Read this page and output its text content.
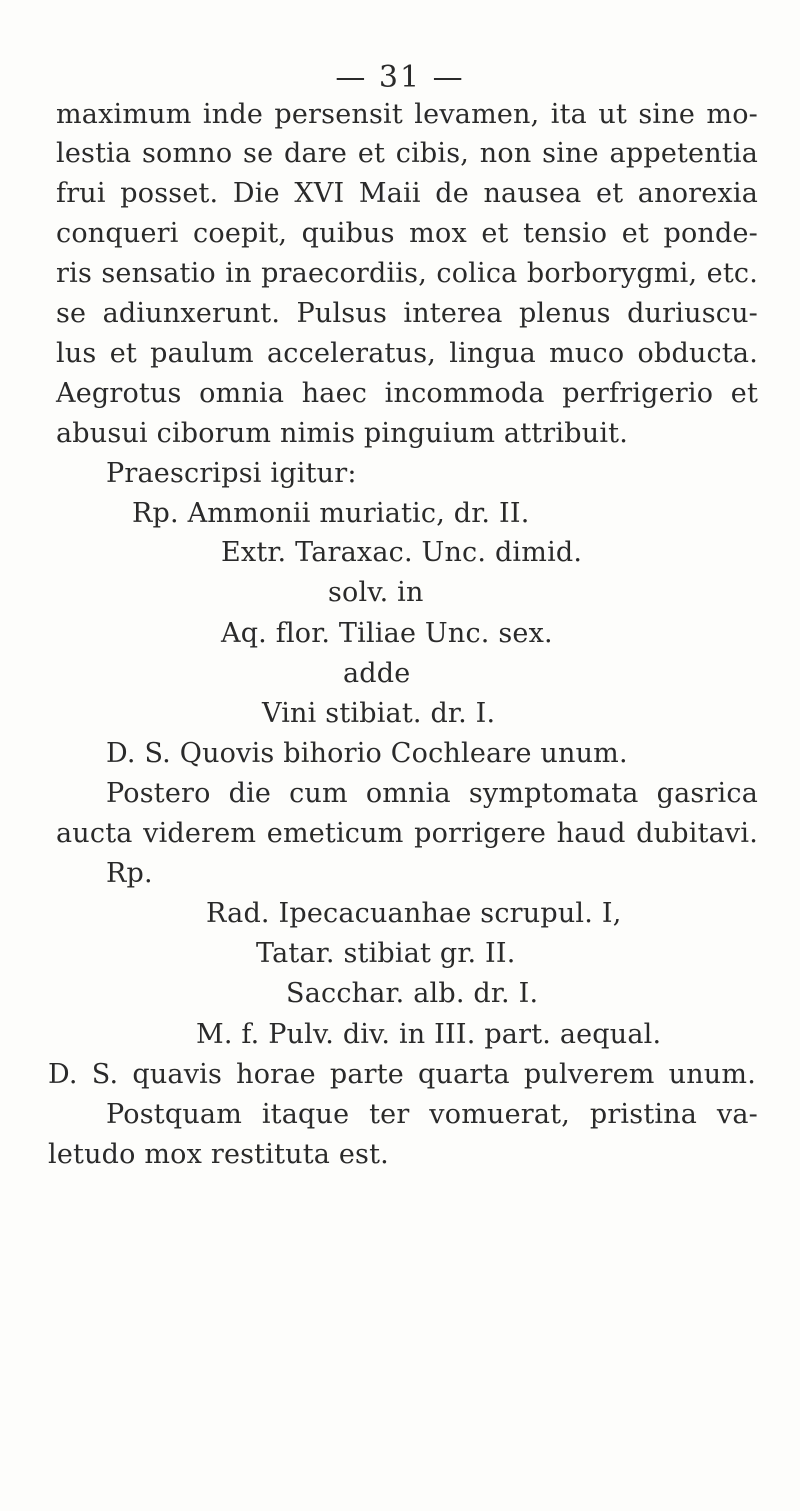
— 31 —
maximum inde persensit levamen, ita ut sine mo-
lestia somno se dare et cibis, non sine appetentia
frui posset. Die XVI Maii de nausea et anorexia
conqueri coepit, quibus mox et tensio et ponde-
ris sensatio in praecordiis, colica borborygmi, etc.
se adiunxerunt. Pulsus interea plenus duriuscu-
lus et paulum acceleratus, lingua muco obducta.
Aegrotus omnia haec incommoda perfrigerio et
abusui ciborum nimis pinguium attribuit.
Praescripsi igitur:
Rp. Ammonii muriatic, dr. II.
Extr. Taraxac. Unc. dimid.
solv. in
Aq. flor. Tiliae Unc. sex.
adde
Vini stibiat. dr. I.
D. S. Quovis bihorio Cochleare unum.
Postero die cum omnia symptomata gasrica
aucta viderem emeticum porrigere haud dubitavi.
Rp.
Rad. Ipecacuanhae scrupul. I,
Tatar. stibiat gr. II.
Sacchar. alb. dr. I.
M. f. Pulv. div. in III. part. aequal.
D. S. quavis horae parte quarta pulverem unum.
Postquam itaque ter vomuerat, pristina va-
letudo mox restituta est.
